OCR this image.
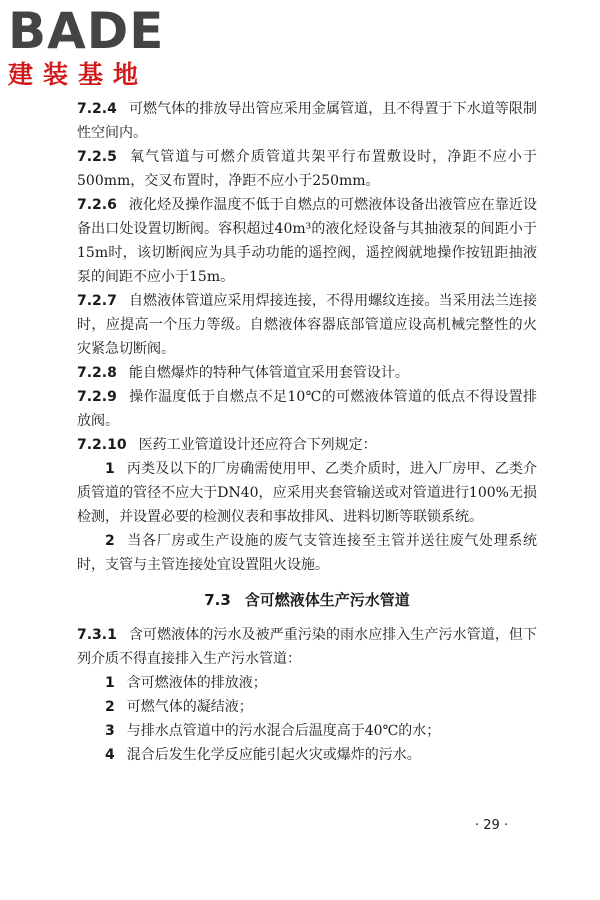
BADE
建装基地

7.2.4 可燃气体的排放导出管应采用金属管道，且不得置于下水道等限制性空间内。

7.2.5 氧气管道与可燃介质管道共架平行布置敷设时，净距不应小于500mm，交叉布置时，净距不应小于250mm。

7.2.6 液化烃及操作温度不低于自燃点的可燃液体设备出液管应在靠近设备出口处设置切断阀。容积超过40m³的液化烃设备与其抽液泵的间距小于15m时，该切断阀应为具手动功能的遥控阀，遥控阀就地操作按钮距抽液泵的间距不应小于15m。

7.2.7 自燃液体管道应采用焊接连接，不得用螺纹连接。当采用法兰连接时，应提高一个压力等级。自燃液体容器底部管道应设高机械完整性的火灾紧急切断阀。

7.2.8 能自燃爆炸的特种气体管道宜采用套管设计。

7.2.9 操作温度低于自燃点不足10℃的可燃液体管道的低点不得设置排放阀。

7.2.10 医药工业管道设计还应符合下列规定：

1 丙类及以下的厂房确需使用甲、乙类介质时，进入厂房甲、乙类介质管道的管径不应大于DN40，应采用夹套管输送或对管道进行100%无损检测，并设置必要的检测仪表和事故排风、进料切断等联锁系统。

2 当各厂房或生产设施的废气支管连接至主管并送往废气处理系统时，支管与主管连接处宜设置阻火设施。

7.3 含可燃液体生产污水管道

7.3.1 含可燃液体的污水及被严重污染的雨水应排入生产污水管道，但下列介质不得直接排入生产污水管道：

1 含可燃液体的排放液；

2 可燃气体的凝结液；

3 与排水点管道中的污水混合后温度高于40℃的水；

4 混合后发生化学反应能引起火灾或爆炸的污水。

· 29 ·
